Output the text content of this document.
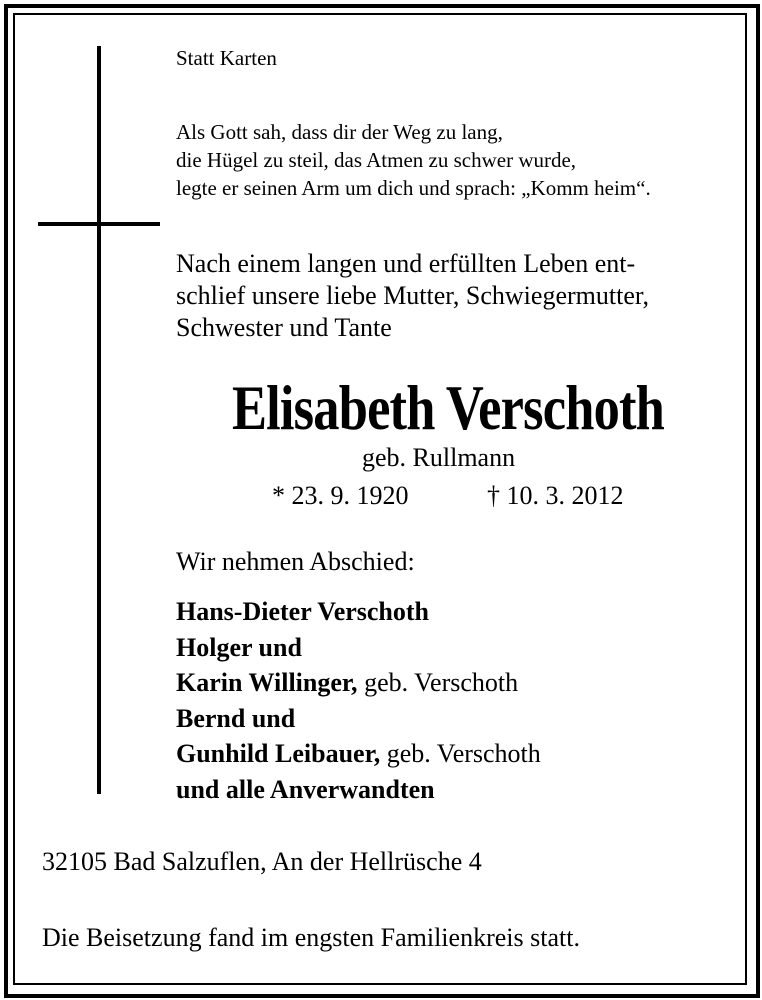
Statt Karten

Als Gott sah, dass dir der Weg zu lang,
die Hügel zu steil, das Atmen zu schwer wurde,
legte er seinen Arm um dich und sprach: „Komm heim“.
Nach einem langen und erfüllten Leben ent-
schlief unsere liebe Mutter, Schwiegermutter,
Schwester und Tante
Elisabeth Verschoth

geb. Rullmann

* 23. 9. 1920	† 10. 3. 2012

Wir nehmen Abschied:

Hans-Dieter Verschoth
Holger und
Karin Willinger, geb. Verschoth
Bernd und
Gunhild Leibauer, geb. Verschoth
und alle Anverwandten

32105 Bad Salzuflen, An der Hellrüsche 4

Die Beisetzung fand im engsten Familienkreis statt.
